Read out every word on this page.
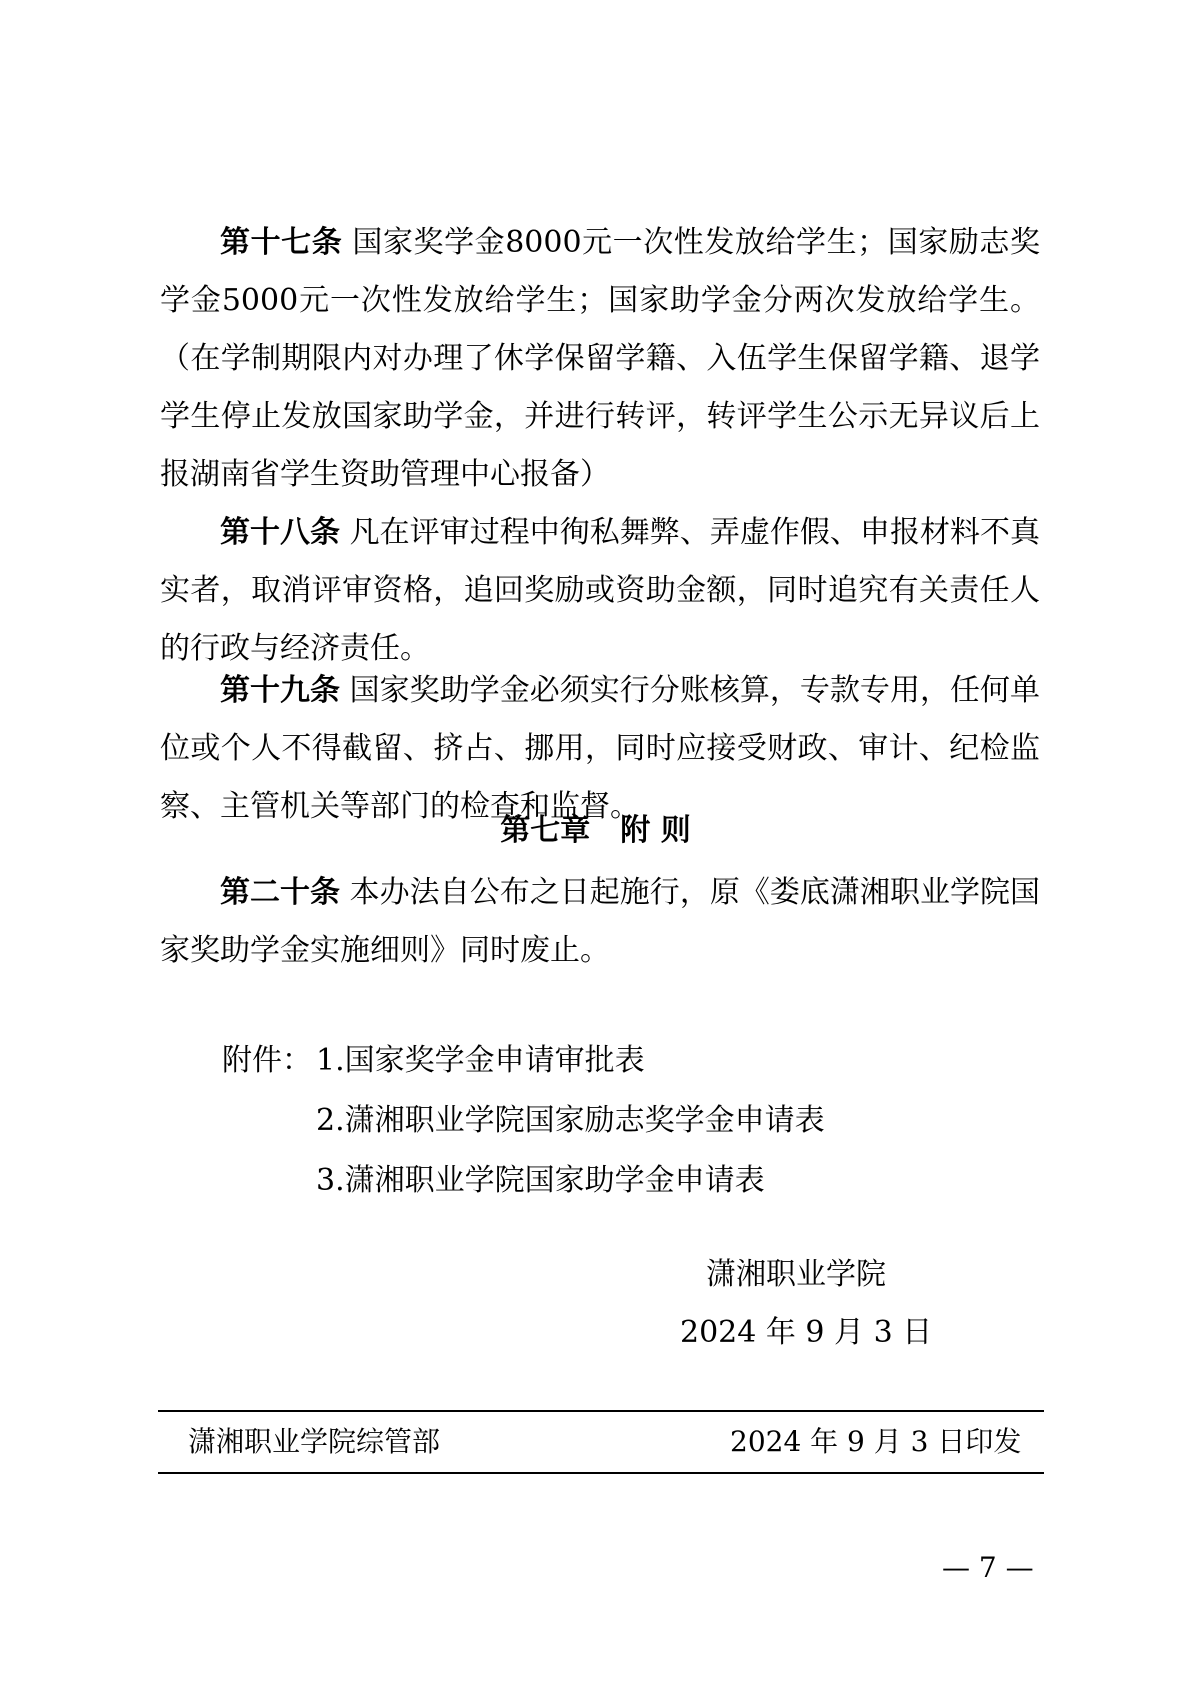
第十七条 国家奖学金8000元一次性发放给学生；国家励志奖学金5000元一次性发放给学生；国家助学金分两次发放给学生。（在学制期限内对办理了休学保留学籍、入伍学生保留学籍、退学学生停止发放国家助学金，并进行转评，转评学生公示无异议后上报湖南省学生资助管理中心报备）

第十八条 凡在评审过程中徇私舞弊、弄虚作假、申报材料不真实者，取消评审资格，追回奖励或资助金额，同时追究有关责任人的行政与经济责任。

第十九条 国家奖助学金必须实行分账核算，专款专用，任何单位或个人不得截留、挤占、挪用，同时应接受财政、审计、纪检监察、主管机关等部门的检查和监督。

第七章　附 则

第二十条 本办法自公布之日起施行，原《娄底潇湘职业学院国家奖助学金实施细则》同时废止。

附件： 1.国家奖学金申请审批表
2.潇湘职业学院国家励志奖学金申请表
3.潇湘职业学院国家助学金申请表
潇湘职业学院
2024 年 9 月 3 日
潇湘职业学院综管部	2024 年 9 月 3 日印发
— 7 —
